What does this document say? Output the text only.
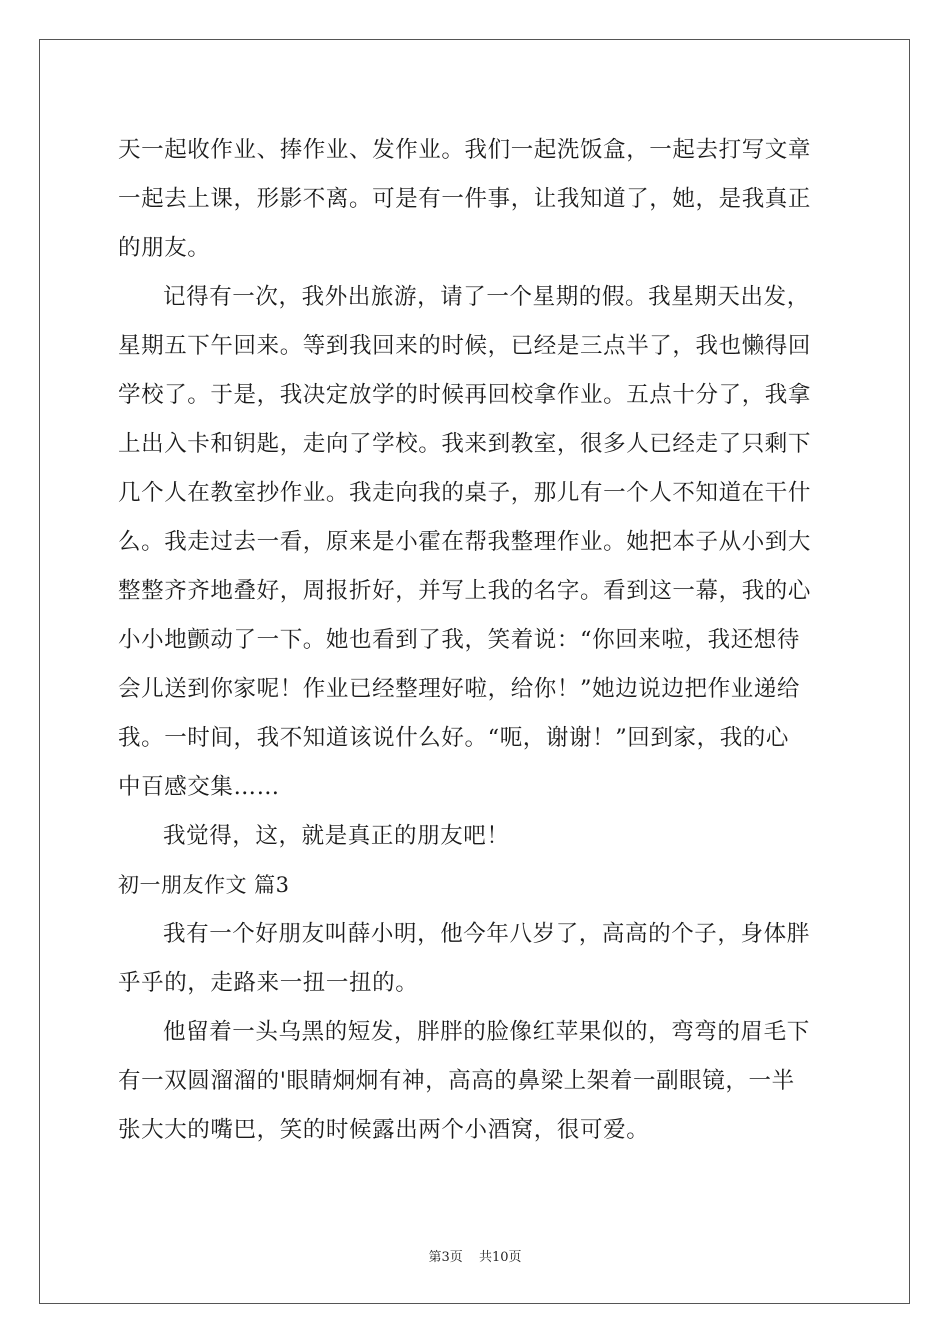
天一起收作业、捧作业、发作业。我们一起洗饭盒，一起去打写文章
一起去上课，形影不离。可是有一件事，让我知道了，她，是我真正
的朋友。
记得有一次，我外出旅游，请了一个星期的假。我星期天出发，
星期五下午回来。等到我回来的时候，已经是三点半了，我也懒得回
学校了。于是，我决定放学的时候再回校拿作业。五点十分了，我拿
上出入卡和钥匙，走向了学校。我来到教室，很多人已经走了只剩下
几个人在教室抄作业。我走向我的桌子，那儿有一个人不知道在干什
么。我走过去一看，原来是小霍在帮我整理作业。她把本子从小到大
整整齐齐地叠好，周报折好，并写上我的名字。看到这一幕，我的心
小小地颤动了一下。她也看到了我，笑着说：“你回来啦，我还想待
会儿送到你家呢！作业已经整理好啦，给你！”她边说边把作业递给
我。一时间，我不知道该说什么好。“呃，谢谢！”回到家，我的心
中百感交集……
我觉得，这，就是真正的朋友吧！
初一朋友作文 篇3
我有一个好朋友叫薛小明，他今年八岁了，高高的个子，身体胖
乎乎的，走路来一扭一扭的。
他留着一头乌黑的短发，胖胖的脸像红苹果似的，弯弯的眉毛下
有一双圆溜溜的'眼睛炯炯有神，高高的鼻梁上架着一副眼镜，一半
张大大的嘴巴，笑的时候露出两个小酒窝，很可爱。
第3页 共10页
